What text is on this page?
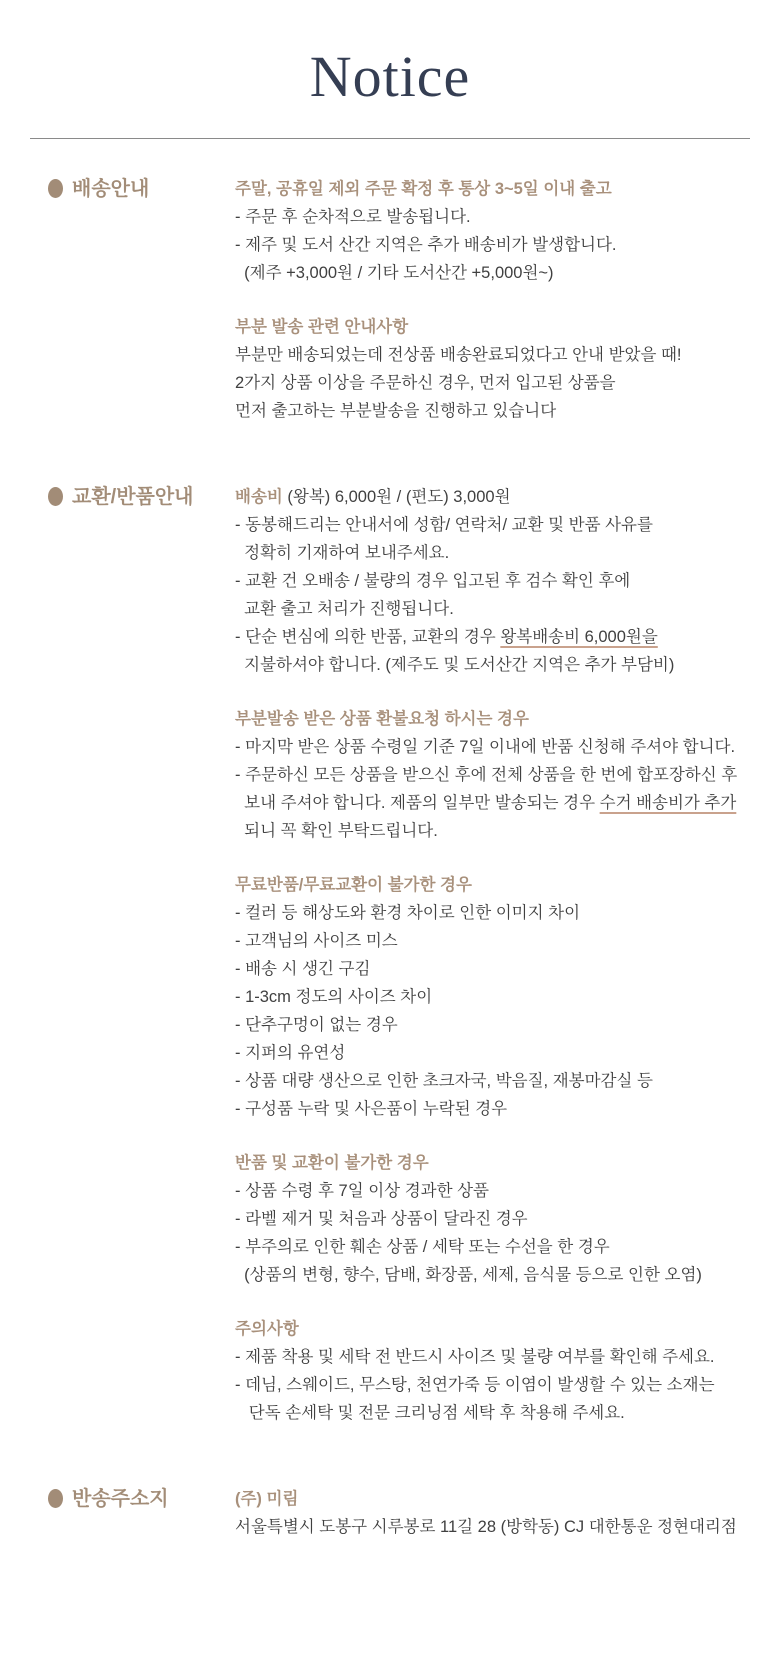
Notice
배송안내	주말, 공휴일 제외 주문 확정 후 통상 3~5일 이내 출고
- 주문 후 순차적으로 발송됩니다.
- 제주 및 도서 산간 지역은 추가 배송비가 발생합니다.
(제주 +3,000원 / 기타 도서산간 +5,000원~)
부분 발송 관련 안내사항
부분만 배송되었는데 전상품 배송완료되었다고 안내 받았을 때!
2가지 상품 이상을 주문하신 경우, 먼저 입고된 상품을
먼저 출고하는 부분발송을 진행하고 있습니다
교환/반품안내	배송비 (왕복) 6,000원 / (편도) 3,000원
- 동봉해드리는 안내서에 성함/ 연락처/ 교환 및 반품 사유를
정확히 기재하여 보내주세요.
- 교환 건 오배송 / 불량의 경우 입고된 후 검수 확인 후에
교환 출고 처리가 진행됩니다.
- 단순 변심에 의한 반품, 교환의 경우 왕복배송비 6,000원을
지불하셔야 합니다. (제주도 및 도서산간 지역은 추가 부담비)
부분발송 받은 상품 환불요청 하시는 경우
- 마지막 받은 상품 수령일 기준 7일 이내에 반품 신청해 주셔야 합니다.
- 주문하신 모든 상품을 받으신 후에 전체 상품을 한 번에 합포장하신 후
보내 주셔야 합니다. 제품의 일부만 발송되는 경우 수거 배송비가 추가
되니 꼭 확인 부탁드립니다.
무료반품/무료교환이 불가한 경우
- 컬러 등 해상도와 환경 차이로 인한 이미지 차이
- 고객님의 사이즈 미스
- 배송 시 생긴 구김
- 1-3cm 정도의 사이즈 차이
- 단추구멍이 없는 경우
- 지퍼의 유연성
- 상품 대량 생산으로 인한 초크자국, 박음질, 재봉마감실 등
- 구성품 누락 및 사은품이 누락된 경우
반품 및 교환이 불가한 경우
- 상품 수령 후 7일 이상 경과한 상품
- 라벨 제거 및 처음과 상품이 달라진 경우
- 부주의로 인한 훼손 상품 / 세탁 또는 수선을 한 경우
(상품의 변형, 향수, 담배, 화장품, 세제, 음식물 등으로 인한 오염)
주의사항
- 제품 착용 및 세탁 전 반드시 사이즈 및 불량 여부를 확인해 주세요.
- 데님, 스웨이드, 무스탕, 천연가죽 등 이염이 발생할 수 있는 소재는
단독 손세탁 및 전문 크리닝점 세탁 후 착용해 주세요.
반송주소지	(주) 미림
서울특별시 도봉구 시루봉로 11길 28 (방학동) CJ 대한통운 정현대리점
